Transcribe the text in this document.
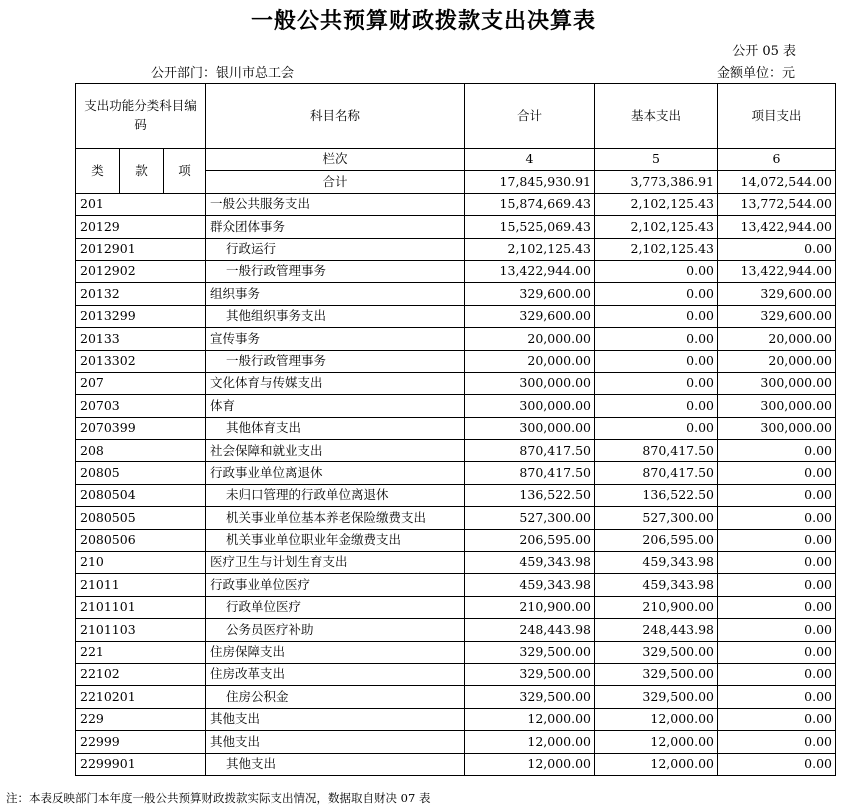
一般公共预算财政拨款支出决算表
公开 05 表
公开部门：银川市总工会	金额单位：元
支出功能分类科目编码			科目名称	合计	基本支出	项目支出
类	款	项	栏次	4	5	6
			合计	17,845,930.91	3,773,386.91	14,072,544.00
201			一般公共服务支出	15,874,669.43	2,102,125.43	13,772,544.00
20129			群众团体事务	15,525,069.43	2,102,125.43	13,422,944.00
2012901			行政运行	2,102,125.43	2,102,125.43	0.00
2012902			一般行政管理事务	13,422,944.00	0.00	13,422,944.00
20132			组织事务	329,600.00	0.00	329,600.00
2013299			其他组织事务支出	329,600.00	0.00	329,600.00
20133			宣传事务	20,000.00	0.00	20,000.00
2013302			一般行政管理事务	20,000.00	0.00	20,000.00
207			文化体育与传媒支出	300,000.00	0.00	300,000.00
20703			体育	300,000.00	0.00	300,000.00
2070399			其他体育支出	300,000.00	0.00	300,000.00
208			社会保障和就业支出	870,417.50	870,417.50	0.00
20805			行政事业单位离退休	870,417.50	870,417.50	0.00
2080504			未归口管理的行政单位离退休	136,522.50	136,522.50	0.00
2080505			机关事业单位基本养老保险缴费支出	527,300.00	527,300.00	0.00
2080506			机关事业单位职业年金缴费支出	206,595.00	206,595.00	0.00
210			医疗卫生与计划生育支出	459,343.98	459,343.98	0.00
21011			行政事业单位医疗	459,343.98	459,343.98	0.00
2101101			行政单位医疗	210,900.00	210,900.00	0.00
2101103			公务员医疗补助	248,443.98	248,443.98	0.00
221			住房保障支出	329,500.00	329,500.00	0.00
22102			住房改革支出	329,500.00	329,500.00	0.00
2210201			住房公积金	329,500.00	329,500.00	0.00
229			其他支出	12,000.00	12,000.00	0.00
22999			其他支出	12,000.00	12,000.00	0.00
2299901			其他支出	12,000.00	12,000.00	0.00
注：本表反映部门本年度一般公共预算财政拨款实际支出情况，数据取自财决 07 表
